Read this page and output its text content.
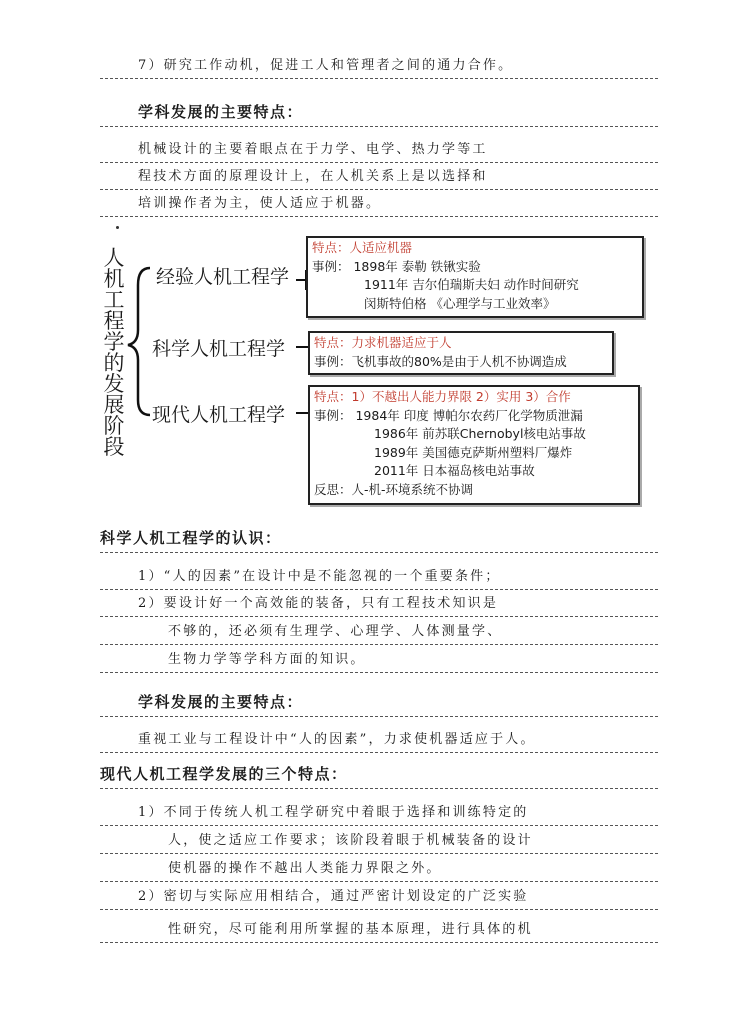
7）研究工作动机，促进工人和管理者之间的通力合作。
学科发展的主要特点：
机械设计的主要着眼点在于力学、电学、热力学等工
程技术方面的原理设计上，在人机关系上是以选择和
培训操作者为主，使人适应于机器。
科学人机工程学的认识：
1）“人的因素”在设计中是不能忽视的一个重要条件；
2）要设计好一个高效能的装备，只有工程技术知识是
不够的，还必须有生理学、心理学、人体测量学、
生物力学等学科方面的知识。
学科发展的主要特点：
重视工业与工程设计中“人的因素”，力求使机器适应于人。
现代人机工程学发展的三个特点：
1）不同于传统人机工程学研究中着眼于选择和训练特定的
人，使之适应工作要求；该阶段着眼于机械装备的设计
使机器的操作不越出人类能力界限之外。
2）密切与实际应用相结合，通过严密计划设定的广泛实验
性研究，尽可能利用所掌握的基本原理，进行具体的机
人
机
工
程
学
的
发
展
阶
段
经验人机工程学
科学人机工程学
现代人机工程学
特点：人适应机器
事例： 1898年 泰勒 铁锹实验
1911年 吉尔伯瑞斯夫妇 动作时间研究
闵斯特伯格 《心理学与工业效率》
特点：力求机器适应于人
事例：飞机事故的80%是由于人机不协调造成
特点：1）不越出人能力界限 2）实用 3）合作
事例： 1984年 印度 博帕尔农药厂化学物质泄漏
1986年 前苏联Chernobyl核电站事故
1989年 美国德克萨斯州塑料厂爆炸
2011年 日本福岛核电站事故
反思：人-机-环境系统不协调
